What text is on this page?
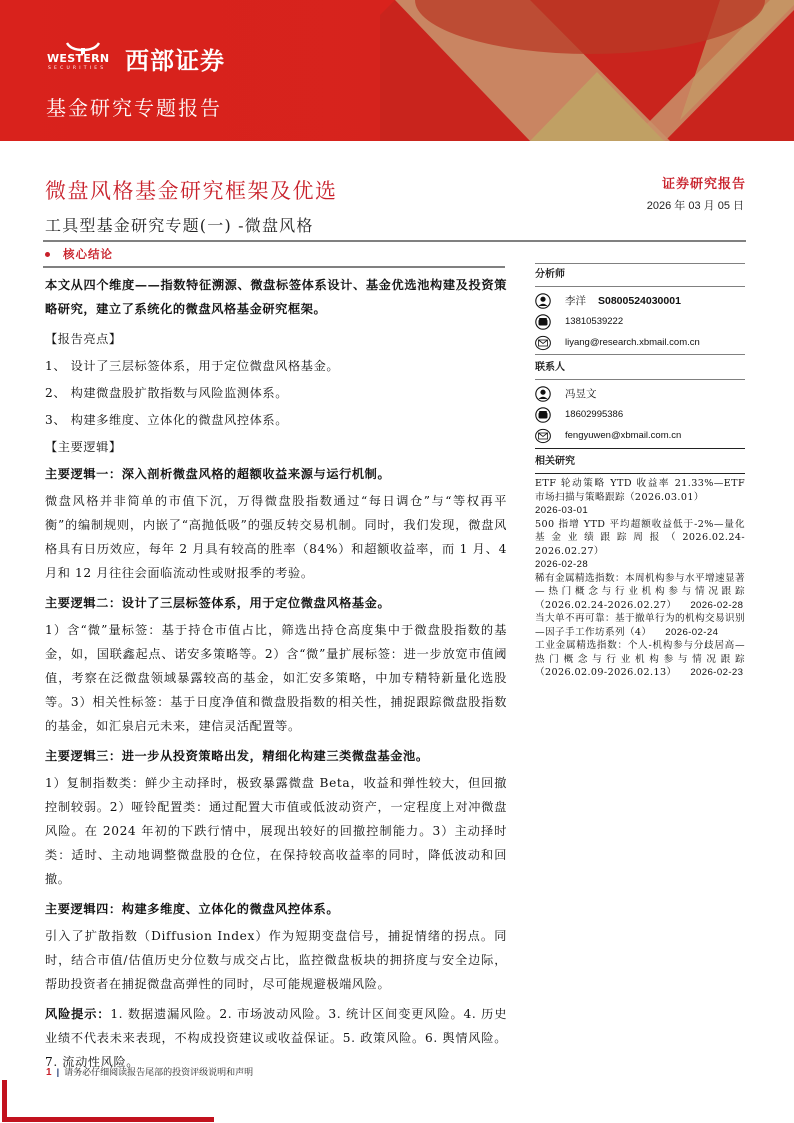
WESTERN
SECURITIES 西部证券
基金研究专题报告
微盘风格基金研究框架及优选
工具型基金研究专题(一) -微盘风格
证券研究报告
2026 年 03 月 05 日
核心结论

本文从四个维度——指数特征溯源、微盘标签体系设计、基金优选池构建及投资策略研究，建立了系统化的微盘风格基金研究框架。

【报告亮点】

1、 设计了三层标签体系，用于定位微盘风格基金。

2、 构建微盘股扩散指数与风险监测体系。

3、 构建多维度、立体化的微盘风控体系。

【主要逻辑】

主要逻辑一：深入剖析微盘风格的超额收益来源与运行机制。

微盘风格并非简单的市值下沉，万得微盘股指数通过“每日调仓”与“等权再平衡”的编制规则，内嵌了“高抛低吸”的强反转交易机制。同时，我们发现，微盘风格具有日历效应，每年 2 月具有较高的胜率（84%）和超额收益率，而 1 月、4 月和 12 月往往会面临流动性或财报季的考验。

主要逻辑二：设计了三层标签体系，用于定位微盘风格基金。

1）含“微”量标签：基于持仓市值占比，筛选出持仓高度集中于微盘股指数的基金，如，国联鑫起点、诺安多策略等。2）含“微”量扩展标签：进一步放宽市值阈值，考察在泛微盘领域暴露较高的基金，如汇安多策略，中加专精特新量化选股等。3）相关性标签：基于日度净值和微盘股指数的相关性，捕捉跟踪微盘股指数的基金，如汇泉启元未来，建信灵活配置等。

主要逻辑三：进一步从投资策略出发，精细化构建三类微盘基金池。

1）复制指数类：鲜少主动择时，极致暴露微盘 Beta，收益和弹性较大，但回撤控制较弱。2）哑铃配置类：通过配置大市值或低波动资产，一定程度上对冲微盘风险。在 2024 年初的下跌行情中，展现出较好的回撤控制能力。3）主动择时类：适时、主动地调整微盘股的仓位，在保持较高收益率的同时，降低波动和回撤。

主要逻辑四：构建多维度、立体化的微盘风控体系。

引入了扩散指数（Diffusion Index）作为短期变盘信号，捕捉情绪的拐点。同时，结合市值/估值历史分位数与成交占比，监控微盘板块的拥挤度与安全边际，帮助投资者在捕捉微盘高弹性的同时，尽可能规避极端风险。

风险提示：1. 数据遗漏风险。2. 市场波动风险。3. 统计区间变更风险。4. 历史业绩不代表未来表现，不构成投资建议或收益保证。5. 政策风险。6. 舆情风险。7. 流动性风险。

分析师
李洋 S0800524030001
13810539222
liyang@research.xbmail.com.cn
联系人
冯昱文
18602995386
fengyuwen@xbmail.com.cn
相关研究
ETF 轮动策略 YTD 收益率 21.33%—ETF 市场扫描与策略跟踪（2026.03.01）
2026-03-01
500 指增 YTD 平均超额收益低于-2%—量化基金业绩跟踪周报（2026.02.24-2026.02.27）
2026-02-28
稀有金属精选指数：本周机构参与水平增速显著—热门概念与行业机构参与情况跟踪（2026.02.24-2026.02.27） 2026-02-28
当大单不再可靠：基于撤单行为的机构交易识别—因子手工作坊系列（4） 2026-02-24
工业金属精选指数：个人-机构参与分歧居高—热门概念与行业机构参与情况跟踪（2026.02.09-2026.02.13） 2026-02-23
1 | 请务必仔细阅读报告尾部的投资评级说明和声明
